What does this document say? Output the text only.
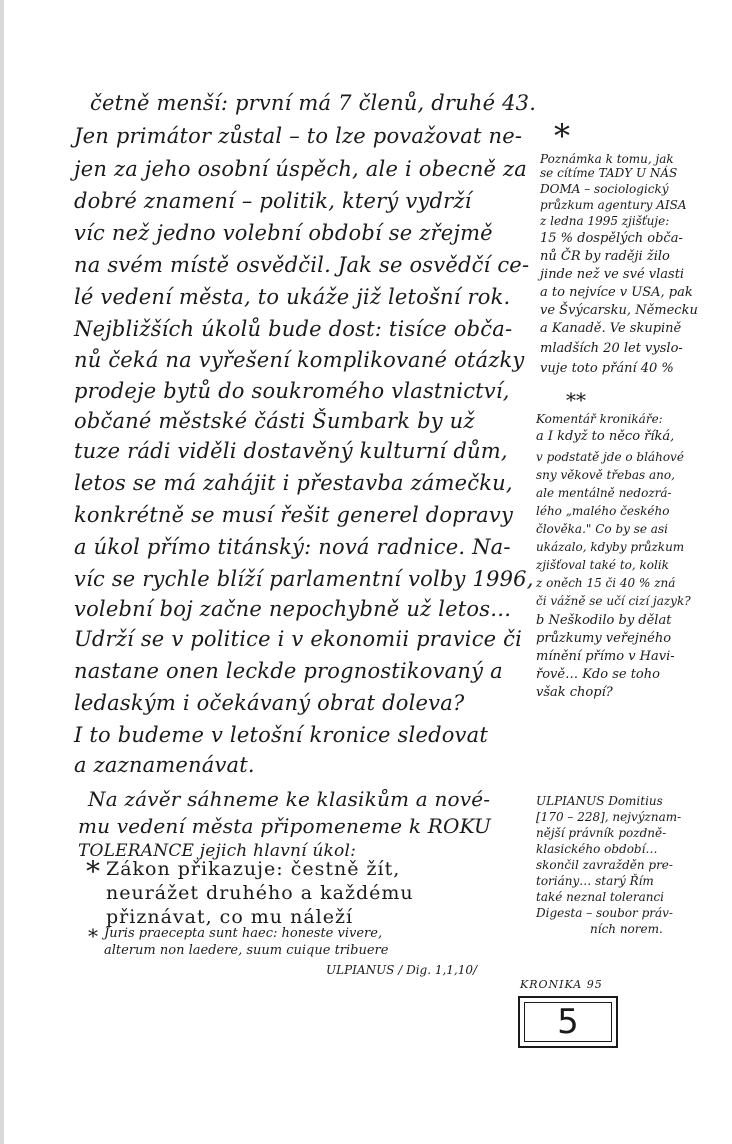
četně menší: první má 7 členů, druhé 43.
Jen primátor zůstal – to lze považovat ne-
jen za jeho osobní úspěch, ale i obecně za
dobré znamení – politik, který vydrží
víc než jedno volební období se zřejmě
na svém místě osvědčil. Jak se osvědčí ce-
lé vedení města, to ukáže již letošní rok.
Nejbližších úkolů bude dost: tisíce obča-
nů čeká na vyřešení komplikované otázky
prodeje bytů do soukromého vlastnictví,
občané městské části Šumbark by už
tuze rádi viděli dostavěný kulturní dům,
letos se má zahájit i přestavba zámečku,
konkrétně se musí řešit generel dopravy
a úkol přímo titánský: nová radnice. Na-
víc se rychle blíží parlamentní volby 1996,
volební boj začne nepochybně už letos…
Udrží se v politice i v ekonomii pravice či
nastane onen leckde prognostikovaný a
ledaským i očekávaný obrat doleva?
I to budeme v letošní kronice sledovat
a zaznamenávat.
Na závěr sáhneme ke klasikům a nové-
mu vedení města připomeneme k ROKU
TOLERANCE jejich hlavní úkol:
* Zákon přikazuje: čestně žít,
neurážet druhého a každému
přiznávat, co mu náleží
* Juris praecepta sunt haec: honeste vivere,
alterum non laedere, suum cuique tribuere
ULPIANUS / Dig. 1,1,10/
*
Poznámka k tomu, jak
se cítíme TADY U NÁS
DOMA – sociologický
průzkum agentury AISA
z ledna 1995 zjišťuje:
15 % dospělých obča-
nů ČR by raději žilo
jinde než ve své vlasti
a to nejvíce v USA, pak
ve Švýcarsku, Německu
a Kanadě. Ve skupině
mladších 20 let vyslo-
vuje toto přání 40 %
**
Komentář kronikáře:
a I když to něco říká,
v podstatě jde o bláhové
sny věkově třebas ano,
ale mentálně nedozrá-
lého „malého českého
člověka." Co by se asi
ukázalo, kdyby průzkum
zjišťoval také to, kolik
z oněch 15 či 40 % zná
či vážně se učí cizí jazyk?
b Neškodilo by dělat
průzkumy veřejného
mínění přímo v Havi-
řově… Kdo se toho
však chopí?
ULPIANUS Domitius
[170 – 228], nejvýznam-
nější právník pozdně-
klasického období…
skončil zavražděn pre-
toriány… starý Řím
také neznal toleranci
Digesta – soubor práv-
ních norem.
KRONIKA 95
5
